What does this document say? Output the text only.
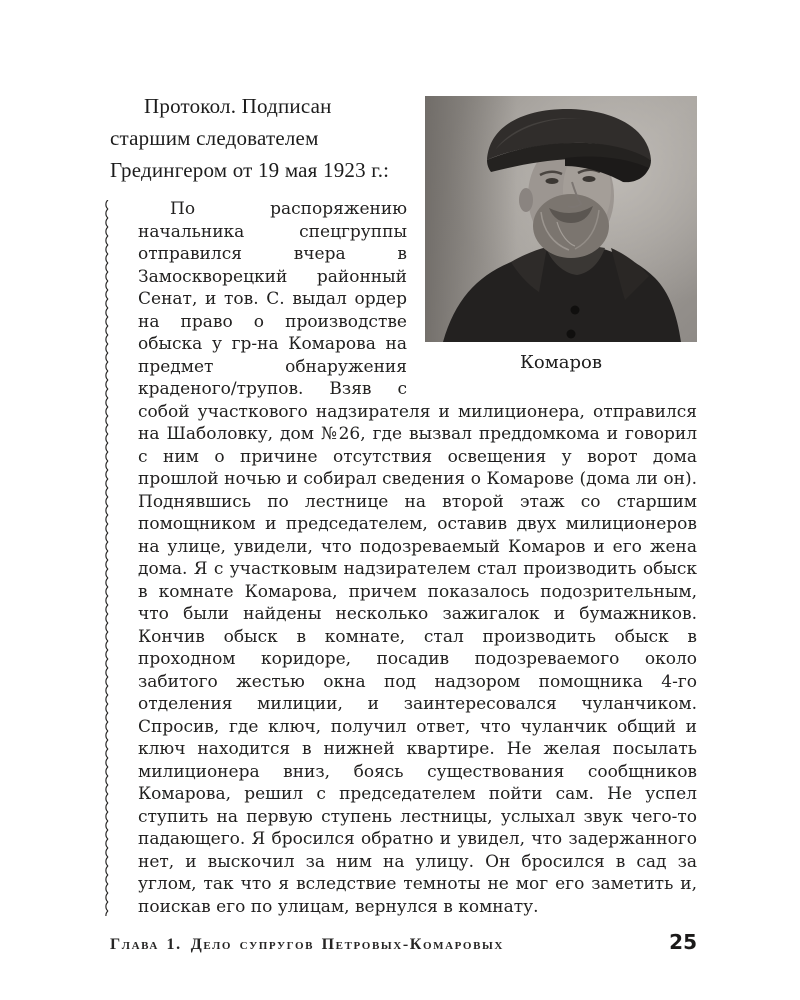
Комаров

Протокол. Подписан старшим следователем Гредингером от 19 мая 1923 г.:

По распоряжению начальника спецгруппы отправился вчера в Замоскворецкий районный Сенат, и тов. С. выдал ордер на право о производстве обыска у гр-на Комарова на предмет обнаружения краденого/трупов. Взяв с собой участкового надзирателя и милиционера, отправился на Шаболовку, дом №26, где вызвал преддомкома и говорил с ним о причине отсутствия освещения у ворот дома прошлой ночью и собирал сведения о Комарове (дома ли он). Поднявшись по лестнице на второй этаж со старшим помощником и председателем, оставив двух милиционеров на улице, увидели, что подозреваемый Комаров и его жена дома. Я с участковым надзирателем стал производить обыск в комнате Комарова, причем показалось подозрительным, что были найдены несколько зажигалок и бумажников. Кончив обыск в комнате, стал производить обыск в проходном коридоре, посадив подозреваемого около забитого жестью окна под надзором помощника 4-го отделения милиции, и заинтересовался чуланчиком. Спросив, где ключ, получил ответ, что чуланчик общий и ключ находится в нижней квартире. Не желая посылать милиционера вниз, боясь существования сообщников Комарова, решил с председателем пойти сам. Не успел ступить на первую ступень лестницы, услыхал звук чего-то падающего. Я бросился обратно и увидел, что задержанного нет, и выскочил за ним на улицу. Он бросился в сад за углом, так что я вследствие темноты не мог его заметить и, поискав его по улицам, вернулся в комнату.

Глава 1. Дело супругов Петровых-Комаровых	25
